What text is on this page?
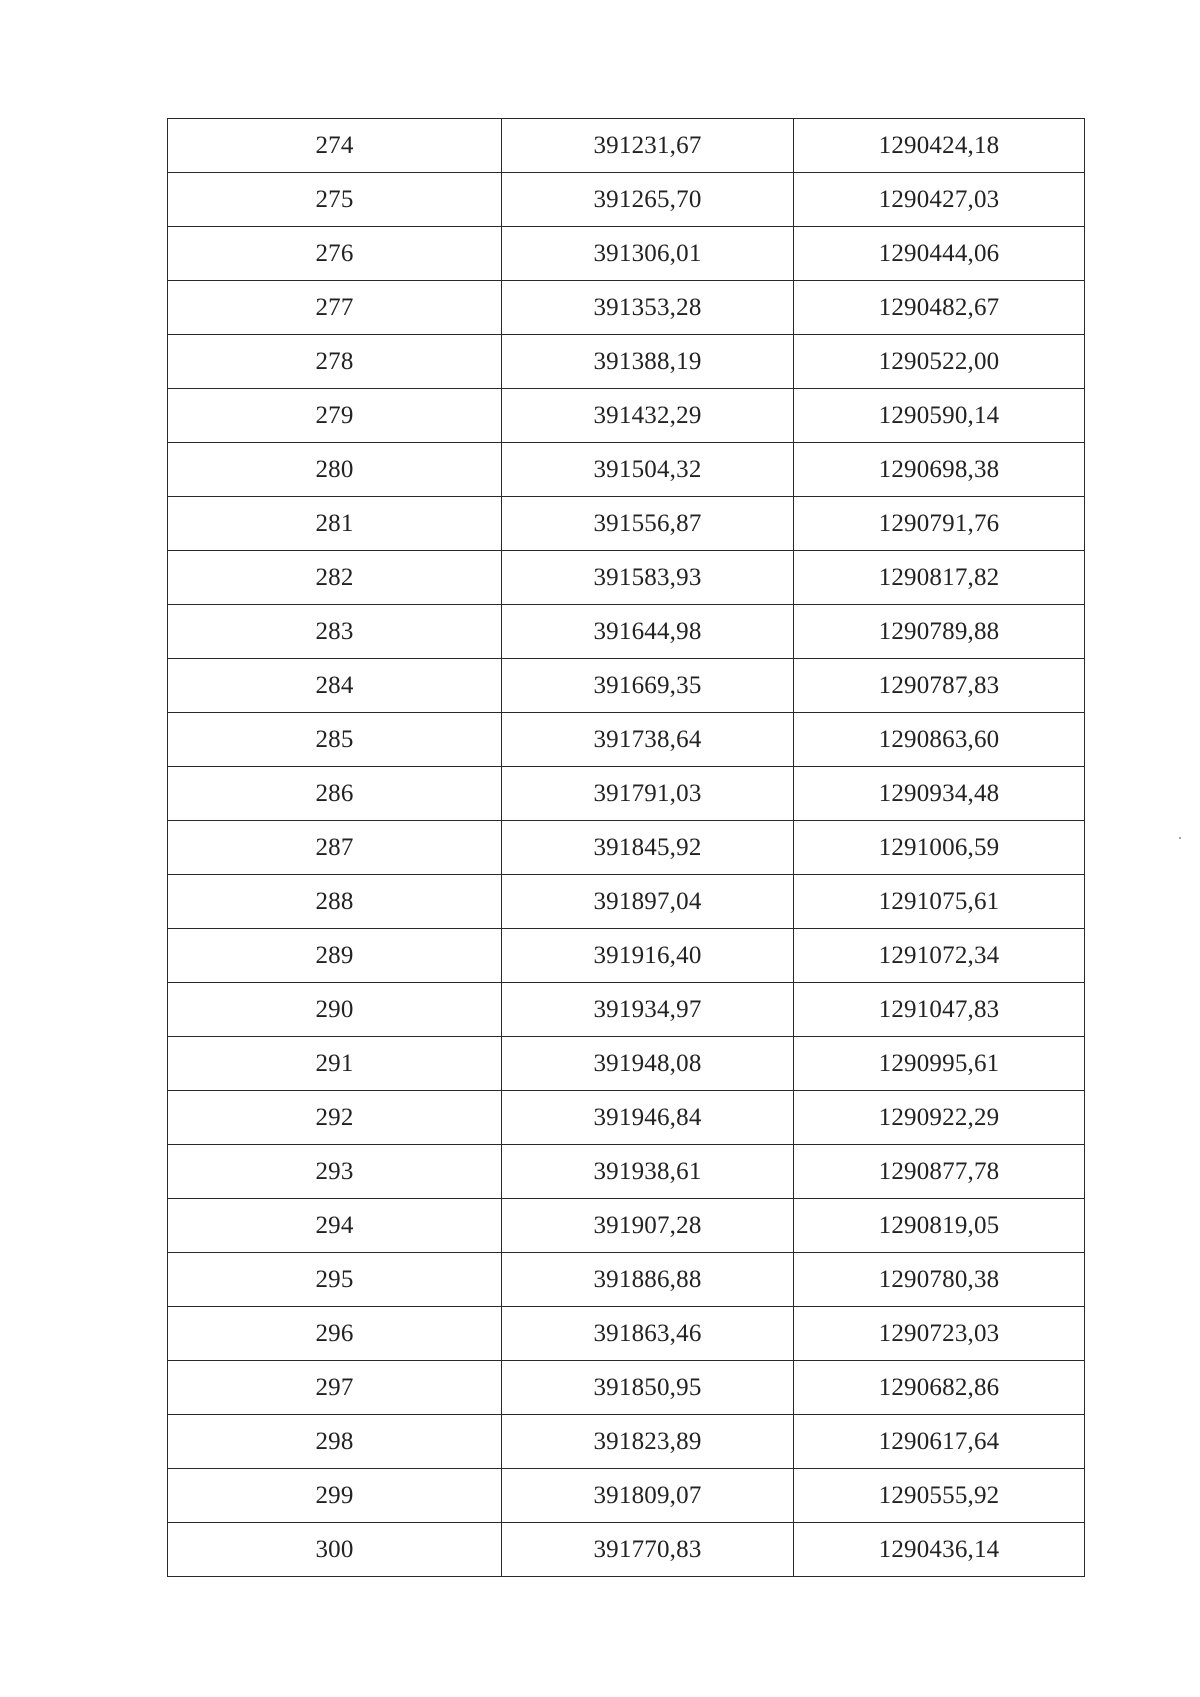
274	391231,67	1290424,18
275	391265,70	1290427,03
276	391306,01	1290444,06
277	391353,28	1290482,67
278	391388,19	1290522,00
279	391432,29	1290590,14
280	391504,32	1290698,38
281	391556,87	1290791,76
282	391583,93	1290817,82
283	391644,98	1290789,88
284	391669,35	1290787,83
285	391738,64	1290863,60
286	391791,03	1290934,48
287	391845,92	1291006,59
288	391897,04	1291075,61
289	391916,40	1291072,34
290	391934,97	1291047,83
291	391948,08	1290995,61
292	391946,84	1290922,29
293	391938,61	1290877,78
294	391907,28	1290819,05
295	391886,88	1290780,38
296	391863,46	1290723,03
297	391850,95	1290682,86
298	391823,89	1290617,64
299	391809,07	1290555,92
300	391770,83	1290436,14
